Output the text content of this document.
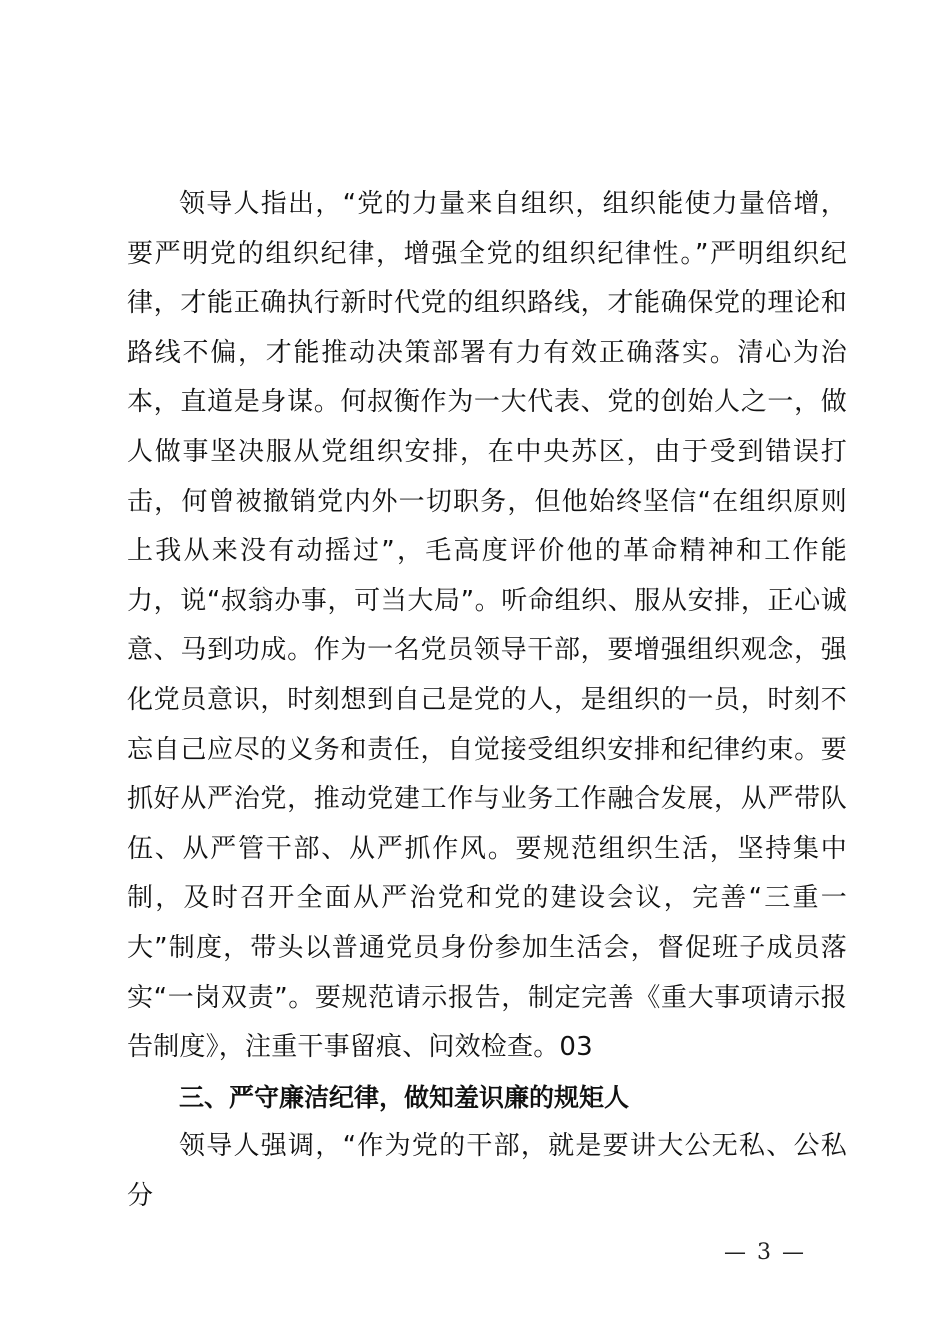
领导人指出，“党的力量来自组织，组织能使力量倍增，要严明党的组织纪律，增强全党的组织纪律性。”严明组织纪律，才能正确执行新时代党的组织路线，才能确保党的理论和路线不偏，才能推动决策部署有力有效正确落实。清心为治本，直道是身谋。何叔衡作为一大代表、党的创始人之一，做人做事坚决服从党组织安排，在中央苏区，由于受到错误打击，何曾被撤销党内外一切职务，但他始终坚信“在组织原则上我从来没有动摇过”，毛高度评价他的革命精神和工作能力，说“叔翁办事，可当大局”。听命组织、服从安排，正心诚意、马到功成。作为一名党员领导干部，要增强组织观念，强化党员意识，时刻想到自己是党的人，是组织的一员，时刻不忘自己应尽的义务和责任，自觉接受组织安排和纪律约束。要抓好从严治党，推动党建工作与业务工作融合发展，从严带队伍、从严管干部、从严抓作风。要规范组织生活，坚持集中制，及时召开全面从严治党和党的建设会议，完善“三重一大”制度，带头以普通党员身份参加生活会，督促班子成员落实“一岗双责”。要规范请示报告，制定完善《重大事项请示报告制度》，注重干事留痕、问效检查。03

三、严守廉洁纪律，做知羞识廉的规矩人

领导人强调，“作为党的干部，就是要讲大公无私、公私分

— 3 —
